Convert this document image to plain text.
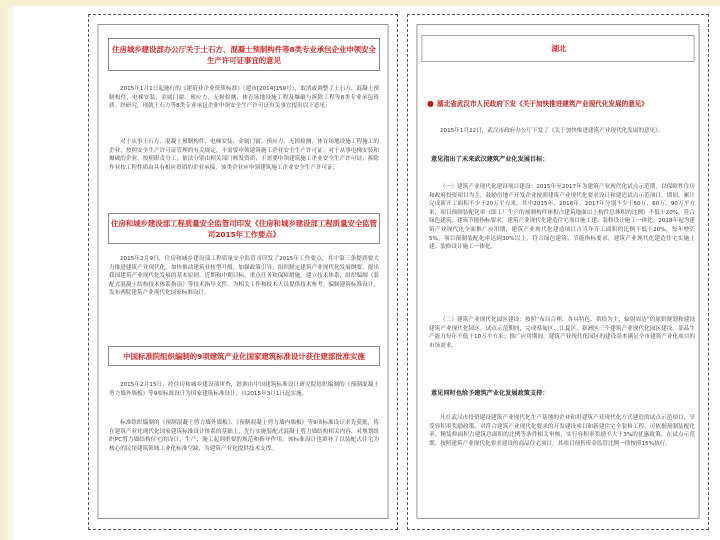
住房城乡建设部办公厅关于土石方、混凝土预制构件等8类专业承包企业申领安全生产许可证事宜的意见
2015年1月1日起施行的《建筑业企业资质标准》（建市[2014]159号），取消或调整了土石方、混凝土预制构件、电梯安装、金属门窗、预应力、无损检测、体育场地设施工程及爆破与拆除工程等8类专业承包资质。经研究，现就土石方等8类专业承包企业申领安全生产许可证有关事宜提出以下意见：
对于从事土石方、混凝土预制构件、电梯安装、金属门窗、预应力、无损检测、体育场地设施工程施工的企业，按照安全生产许可证管理的有关规定，不需要申领建筑施工企业安全生产许可证；对于从事电梯安装和爆破的企业，按照职责分工，依法分别由相关部门核发资质；不需要申领建筑施工企业安全生产许可证；拆除作业按工程性质由具有相应资质的企业承接，该类企业应申领建筑施工企业安全生产许可证。
住房和城乡建设部工程质量安全监管司印发《住房和城乡建设部工程质量安全监管司2015年工作要点》
2015年2月9日，住房和城乡建设部工程质量安全监管司印发了2015年工作要点，其中第三条提到要大力推进建筑产业现代化，加快推动建筑业转型升级。加强政策引导，组织制定建筑产业现代化发展纲要，提出我国建筑产业现代化发展的基本原则、近期和中期目标、重点任务和保障措施。建立技术体系，组织编制《装配式混凝土结构技术体系指南》等技术指导文件，为相关工作和技术人员提供技术参考。编制建筑标准设计，发布两院建筑产业现代化国家标准设计。
中国标准院组织编制的9项建筑产业化国家建筑标准设计获住建部批准实施
2015年2月15日，经住房和城乡建设部审查，批准由中国建筑标准设计研究院组织编制的《预制混凝土剪力墙外墙板》等9项标准设计为国家建筑标准设计，自2015年3月1日起实施。
标准组织编制的《预制混凝土剪力墙外墙板》、《预制混凝土剪力墙内墙板》等9项标准设计率先获批，将在建筑产业化现代化国家建筑标准设计体系的基础上，先行实施装配式混凝土剪力墙结构相关内容，对规划组织PC剪力墙结构住宅的设计、生产、施工起到重要的规范和指导作用。该标准设计也填补了以装配式住宅为核心的民用建筑领域工业化标准空缺，为建筑产业化提供技术支撑。
湖北
● 湖北省武汉市人民政府下发《关于加快推进建筑产业现代化发展的意见》
2015年1月22日，武汉市政府办公厅下发了《关于加快推进建筑产业现代化发展的意见》。
意见指出了未来武汉建筑产业化发展目标：
（一）建筑产业现代化建设项目建设：2015年至2017年为建筑产业现代化试点示范期，以保障性住房和政府投资项目为主，鼓励房地产开发企业按照建筑产业现代化要求设计和建造试点示范项目。期间，累计完成新开工面积不少于20万平方米，其中2015年、2016年、2017年分别不少于50万、60万、90万平方米，项目预制装配化率（即工厂生产的预制构件体积占建筑地面以上构件总体积的比例）不低于20%，符合绿色建筑、建筑节能指标要求，建筑产业现代化建造住宅项目施工建、装修设计施工一体化。2018年起为建筑产业现代化全面推广应用期，建筑产业现代化建造项目占当年开工面积的比例不低于20%，每年增长5%。项目预制装配化率达到30%以上，符合绿色建筑、节能指标要求，建筑产业现代化建造住宅实施土建、装修设计施工一体化。
（二）建筑产业现代化园区建设：按照“布局合理、各具特色、供给为主、辐射周边”的原则规划和建设建筑产业现代化园区。试点示范期间，完成蔡甸区、江夏区、新洲区三个建筑产业现代化园区建设。部品生产能力每年不低于10万平方米；推广应用期间，建筑产业现代化园区的建设基本满足全市建筑产业化项目的市场需求。
意见同时也给予建筑产业化发展政策支持：
凡在武汉市投资建设建筑产业现代化生产基地的企业和用建筑产业现代化方式建造的试点示范项目，享受容积率奖励政策。对符合建筑产业现代化要求的开发建设项目和新建住宅全装修工程，可依据预制装配化率、精装修面积占建筑总面积的比例等条件相关审核，实行容积率奖励不大于3%的优惠政策。在试点示范期，按照建筑产业现代化要求建设的商品住宅项目，其项目预售资金监管比例一律按照15%执行。
